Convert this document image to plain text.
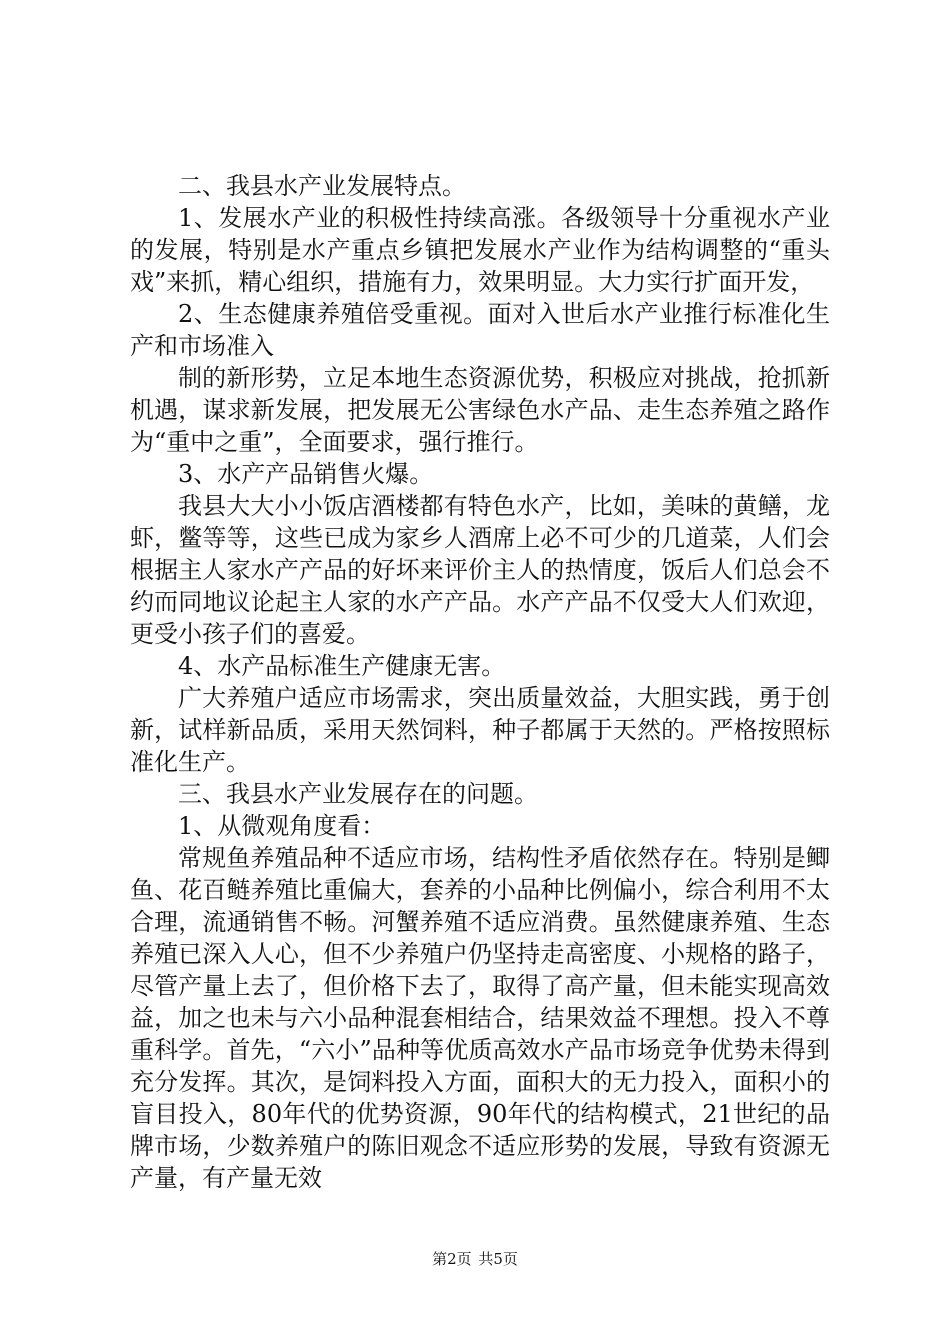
二、我县水产业发展特点。

1、发展水产业的积极性持续高涨。各级领导十分重视水产业的发展，特别是水产重点乡镇把发展水产业作为结构调整的“重头戏”来抓，精心组织，措施有力，效果明显。大力实行扩面开发，

2、生态健康养殖倍受重视。面对入世后水产业推行标准化生产和市场准入

制的新形势，立足本地生态资源优势，积极应对挑战，抢抓新机遇，谋求新发展，把发展无公害绿色水产品、走生态养殖之路作为“重中之重”，全面要求，强行推行。

3、水产产品销售火爆。

我县大大小小饭店酒楼都有特色水产，比如，美味的黄鳝，龙虾，鳖等等，这些已成为家乡人酒席上必不可少的几道菜，人们会根据主人家水产产品的好坏来评价主人的热情度，饭后人们总会不约而同地议论起主人家的水产产品。水产产品不仅受大人们欢迎，更受小孩子们的喜爱。

4、水产品标准生产健康无害。

广大养殖户适应市场需求，突出质量效益，大胆实践，勇于创新，试样新品质，采用天然饲料，种子都属于天然的。严格按照标准化生产。

三、我县水产业发展存在的问题。

1、从微观角度看：

常规鱼养殖品种不适应市场，结构性矛盾依然存在。特别是鲫鱼、花百鲢养殖比重偏大，套养的小品种比例偏小，综合利用不太合理，流通销售不畅。河蟹养殖不适应消费。虽然健康养殖、生态养殖已深入人心，但不少养殖户仍坚持走高密度、小规格的路子，尽管产量上去了，但价格下去了，取得了高产量，但未能实现高效益，加之也未与六小品种混套相结合，结果效益不理想。投入不尊重科学。首先，“六小”品种等优质高效水产品市场竞争优势未得到充分发挥。其次，是饲料投入方面，面积大的无力投入，面积小的盲目投入，80年代的优势资源，90年代的结构模式，21世纪的品牌市场，少数养殖户的陈旧观念不适应形势的发展，导致有资源无产量，有产量无效

第2页 共5页
